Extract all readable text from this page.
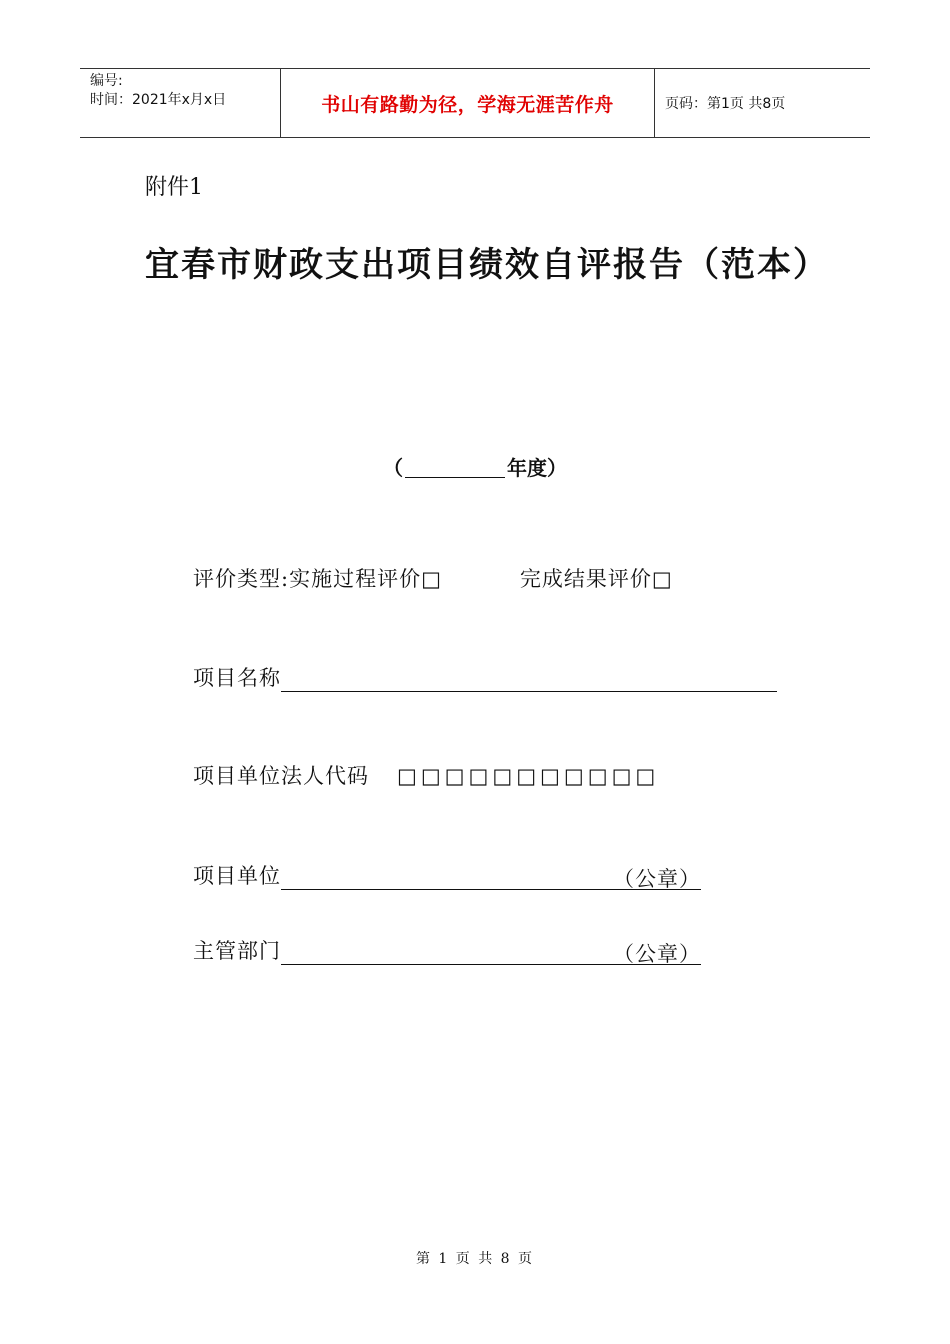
编号:
时间：2021年x月x日	书山有路勤为径，学海无涯苦作舟	页码：第1页 共8页
附件1
宜春市财政支出项目绩效自评报告（范本）
（	年度）
评价类型:实施过程评价□	完成结果评价□
项目名称
项目单位法人代码 □□□□□□□□□□□
项目单位	（公章）
主管部门	（公章）
第 1 页 共 8 页
